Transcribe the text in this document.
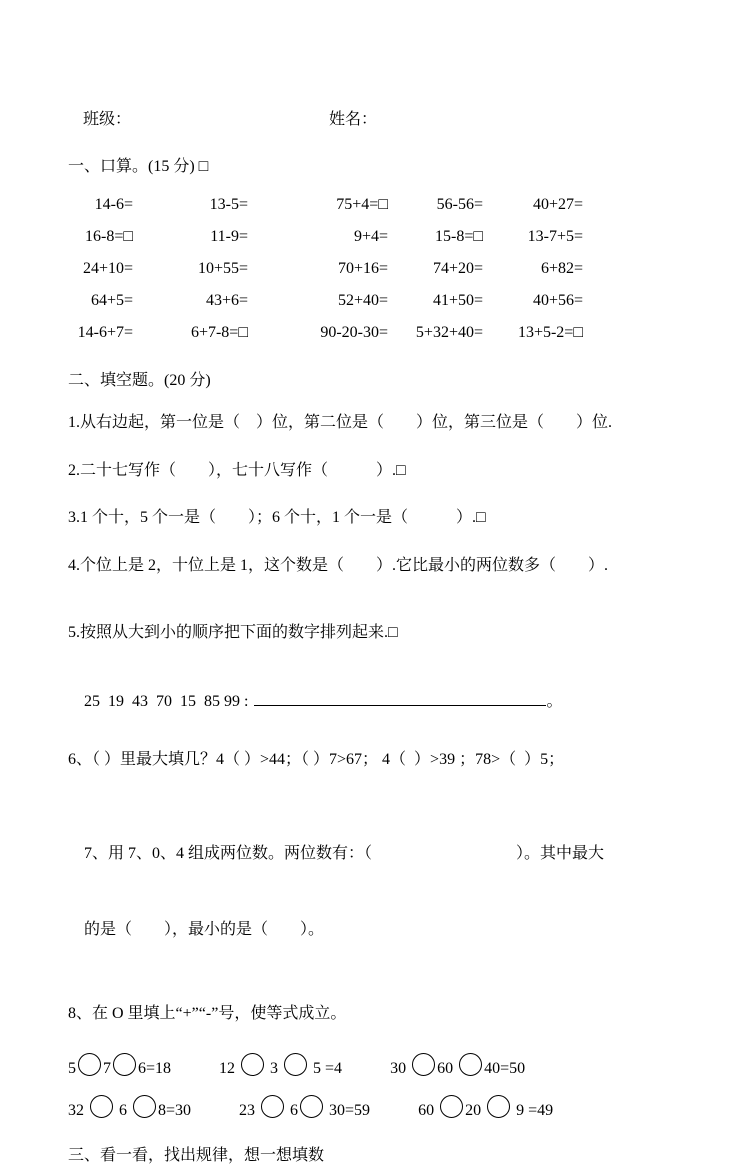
班级：	姓名：
一、口算。(15 分) □
14-6=	13-5=	75+4=□	56-56=	40+27=
16-8=□	11-9=	9+4=	15-8=□	13-7+5=
24+10=	10+55=	70+16=	74+20=	6+82=
64+5=	43+6=	52+40=	41+50=	40+56=
14-6+7=	6+7-8=□	90-20-30=	5+32+40=	13+5-2=□
二、填空题。(20 分)
1.从右边起，第一位是（　）位，第二位是（　　）位，第三位是（　　）位.
2.二十七写作（　　），七十八写作（　　　）.□
3.1 个十，5 个一是（　　）；6 个十，1 个一是（　　　）.□
4.个位上是 2，十位上是 1，这个数是（　　）.它比最小的两位数多（　　）.
5.按照从大到小的顺序把下面的数字排列起来.□

25  19  43  70  15  85 99 :	。

6、（ ）里最大填几？4（ ）>44；（ ）7>67； 4（  ）>39 ；78>（  ）5；

7、用 7、0、4 组成两位数。两位数有：（                                    ）。其中最大

的是（　　），最小的是（　　）。

8、在 O 里填上“+”“-”号，使等式成立。
5 7 6=18	12  3  5 =4	30 60 40=50
32  6 8=30	23  6 30=59	60 20  9 =49
三、看一看，找出规律，想一想填数
